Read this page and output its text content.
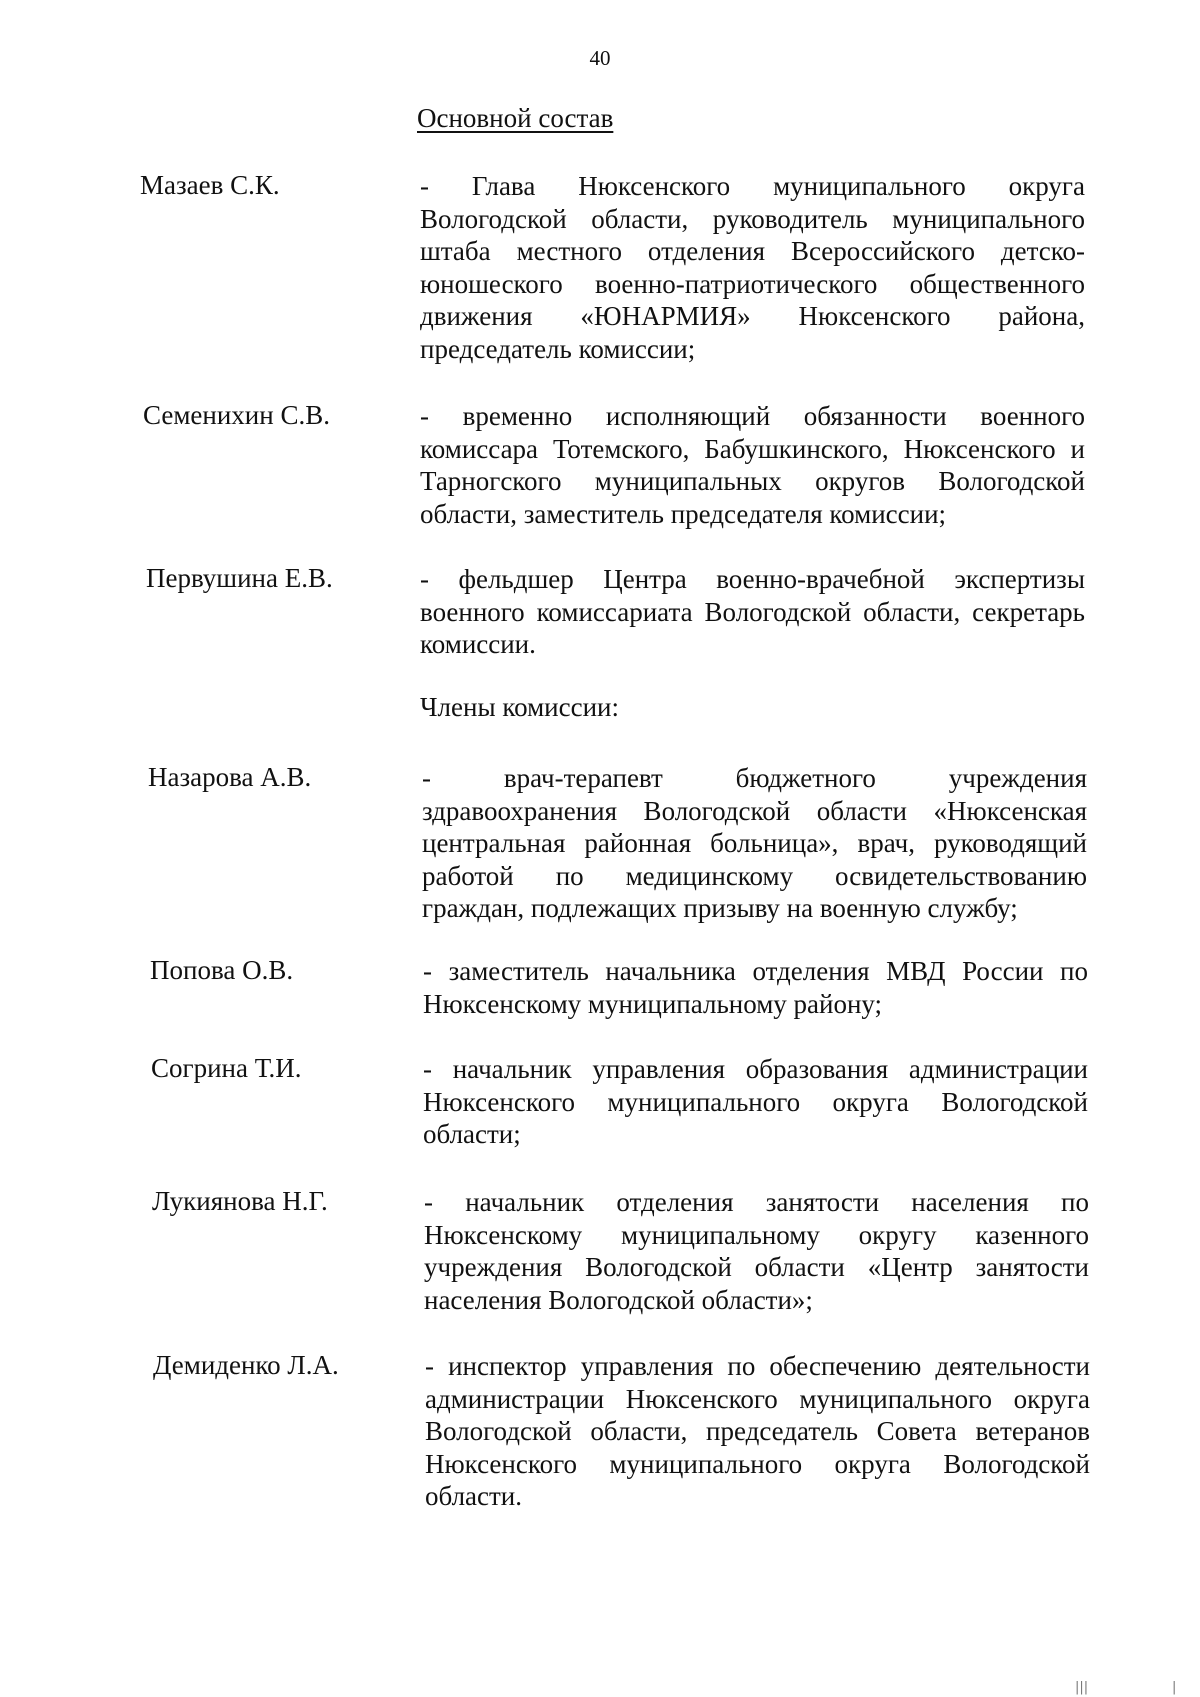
40
Основной состав
Мазаев С.К.	- Глава Нюксенского муниципального округа Вологодской области, руководитель муниципального штаба местного отделения Всероссийского детско-юношеского военно-патриотического общественного движения «ЮНАРМИЯ» Нюксенского района, председатель комиссии;
Семенихин С.В.	- временно исполняющий обязанности военного комиссара Тотемского, Бабушкинского, Нюксенского и Тарногского муниципальных округов Вологодской области, заместитель председателя комиссии;
Первушина Е.В.	- фельдшер Центра военно-врачебной экспертизы военного комиссариата Вологодской области, секретарь комиссии.
Члены комиссии:
Назарова А.В.	- врач-терапевт бюджетного учреждения здравоохранения Вологодской области «Нюксенская центральная районная больница», врач, руководящий работой по медицинскому освидетельствованию граждан, подлежащих призыву на военную службу;
Попова О.В.	- заместитель начальника отделения МВД России по Нюксенскому муниципальному району;
Согрина Т.И.	- начальник управления образования администрации Нюксенского муниципального округа Вологодской области;
Лукиянова Н.Г.	- начальник отделения занятости населения по Нюксенскому муниципальному округу казенного учреждения Вологодской области «Центр занятости населения Вологодской области»;
Демиденко Л.А.	- инспектор управления по обеспечению деятельности администрации Нюксенского муниципального округа Вологодской области, председатель Совета ветеранов Нюксенского муниципального округа Вологодской области.
|||	|
